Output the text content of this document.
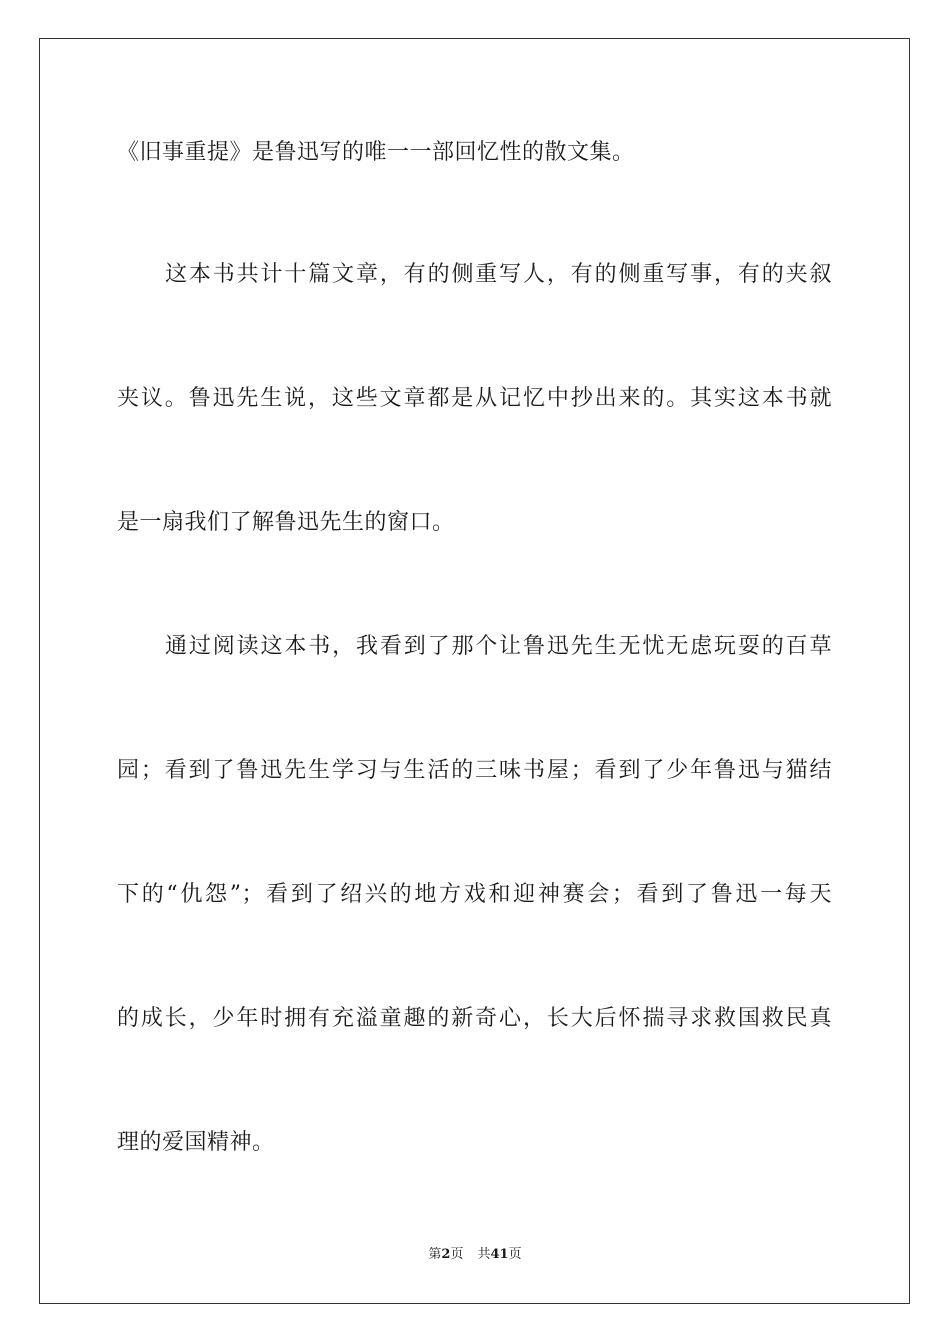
《旧事重提》是鲁迅写的唯一一部回忆性的散文集。
这本书共计十篇文章，有的侧重写人，有的侧重写事，有的夹叙
夹议。鲁迅先生说，这些文章都是从记忆中抄出来的。其实这本书就
是一扇我们了解鲁迅先生的窗口。
通过阅读这本书，我看到了那个让鲁迅先生无忧无虑玩耍的百草
园；看到了鲁迅先生学习与生活的三味书屋；看到了少年鲁迅与猫结
下的“仇怨”；看到了绍兴的地方戏和迎神赛会；看到了鲁迅一每天
的成长，少年时拥有充溢童趣的新奇心，长大后怀揣寻求救国救民真
理的爱国精神。
第2页 共41页
